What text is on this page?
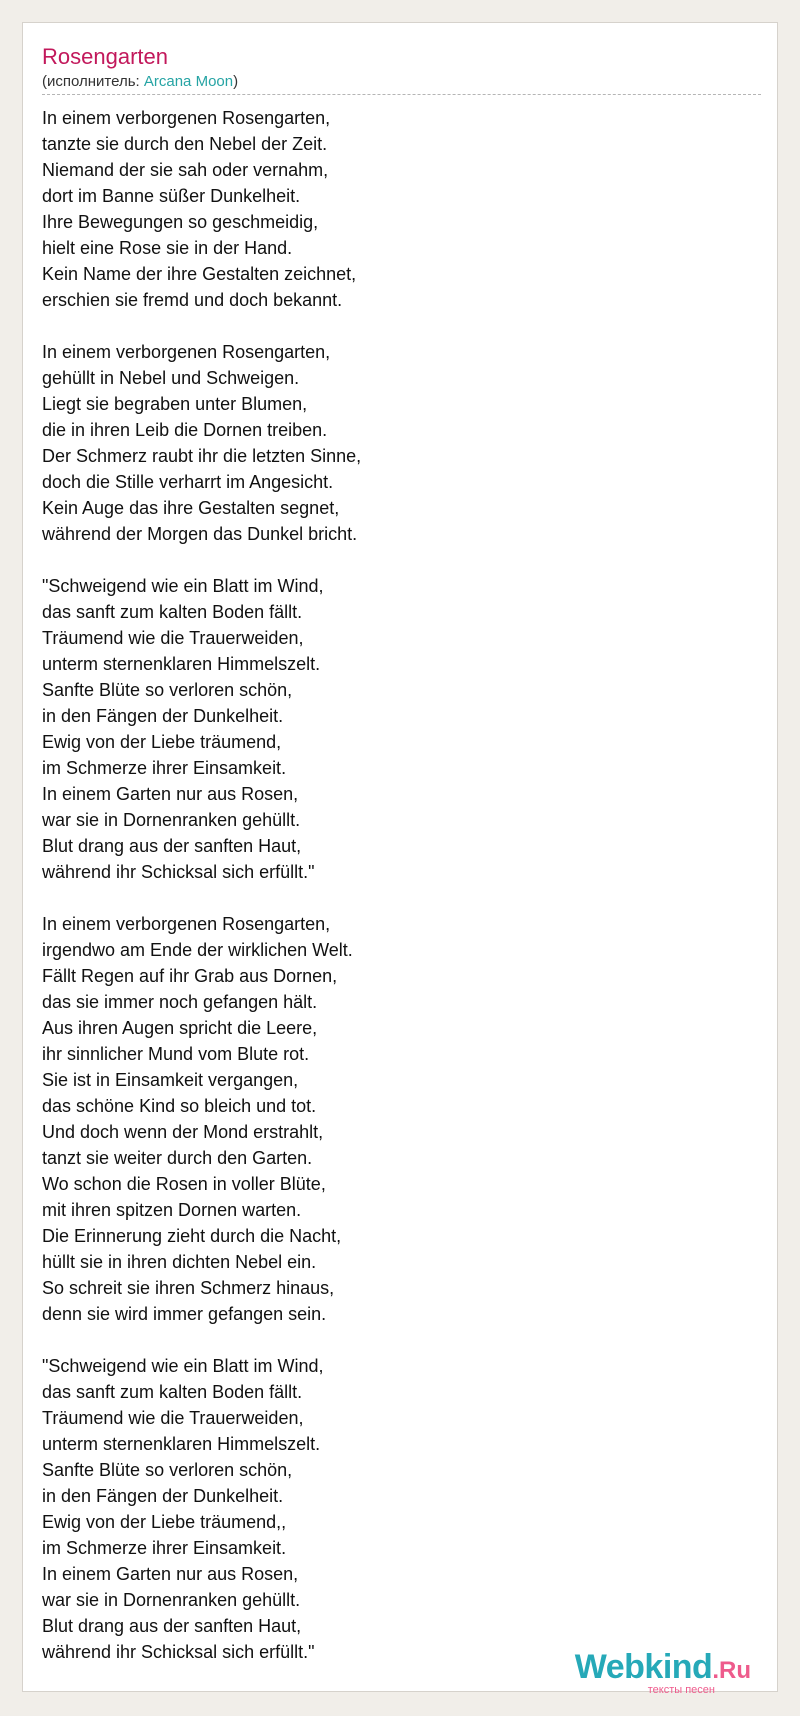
Rosengarten
(исполнитель: Arcana Moon)
In einem verborgenen Rosengarten,
tanzte sie durch den Nebel der Zeit.
Niemand der sie sah oder vernahm,
dort im Banne süßer Dunkelheit.
Ihre Bewegungen so geschmeidig,
hielt eine Rose sie in der Hand.
Kein Name der ihre Gestalten zeichnet,
erschien sie fremd und doch bekannt.
In einem verborgenen Rosengarten,
gehüllt in Nebel und Schweigen.
Liegt sie begraben unter Blumen,
die in ihren Leib die Dornen treiben.
Der Schmerz raubt ihr die letzten Sinne,
doch die Stille verharrt im Angesicht.
Kein Auge das ihre Gestalten segnet,
während der Morgen das Dunkel bricht.
"Schweigend wie ein Blatt im Wind,
das sanft zum kalten Boden fällt.
Träumend wie die Trauerweiden,
unterm sternenklaren Himmelszelt.
Sanfte Blüte so verloren schön,
in den Fängen der Dunkelheit.
Ewig von der Liebe träumend,
im Schmerze ihrer Einsamkeit.
In einem Garten nur aus Rosen,
war sie in Dornenranken gehüllt.
Blut drang aus der sanften Haut,
während ihr Schicksal sich erfüllt."
In einem verborgenen Rosengarten,
irgendwo am Ende der wirklichen Welt.
Fällt Regen auf ihr Grab aus Dornen,
das sie immer noch gefangen hält.
Aus ihren Augen spricht die Leere,
ihr sinnlicher Mund vom Blute rot.
Sie ist in Einsamkeit vergangen,
das schöne Kind so bleich und tot.
Und doch wenn der Mond erstrahlt,
tanzt sie weiter durch den Garten.
Wo schon die Rosen in voller Blüte,
mit ihren spitzen Dornen warten.
Die Erinnerung zieht durch die Nacht,
hüllt sie in ihren dichten Nebel ein.
So schreit sie ihren Schmerz hinaus,
denn sie wird immer gefangen sein.
"Schweigend wie ein Blatt im Wind,
das sanft zum kalten Boden fällt.
Träumend wie die Trauerweiden,
unterm sternenklaren Himmelszelt.
Sanfte Blüte so verloren schön,
in den Fängen der Dunkelheit.
Ewig von der Liebe träumend,,
im Schmerze ihrer Einsamkeit.
In einem Garten nur aus Rosen,
war sie in Dornenranken gehüllt.
Blut drang aus der sanften Haut,
während ihr Schicksal sich erfüllt."	Webkind.Ru
тексты песен
